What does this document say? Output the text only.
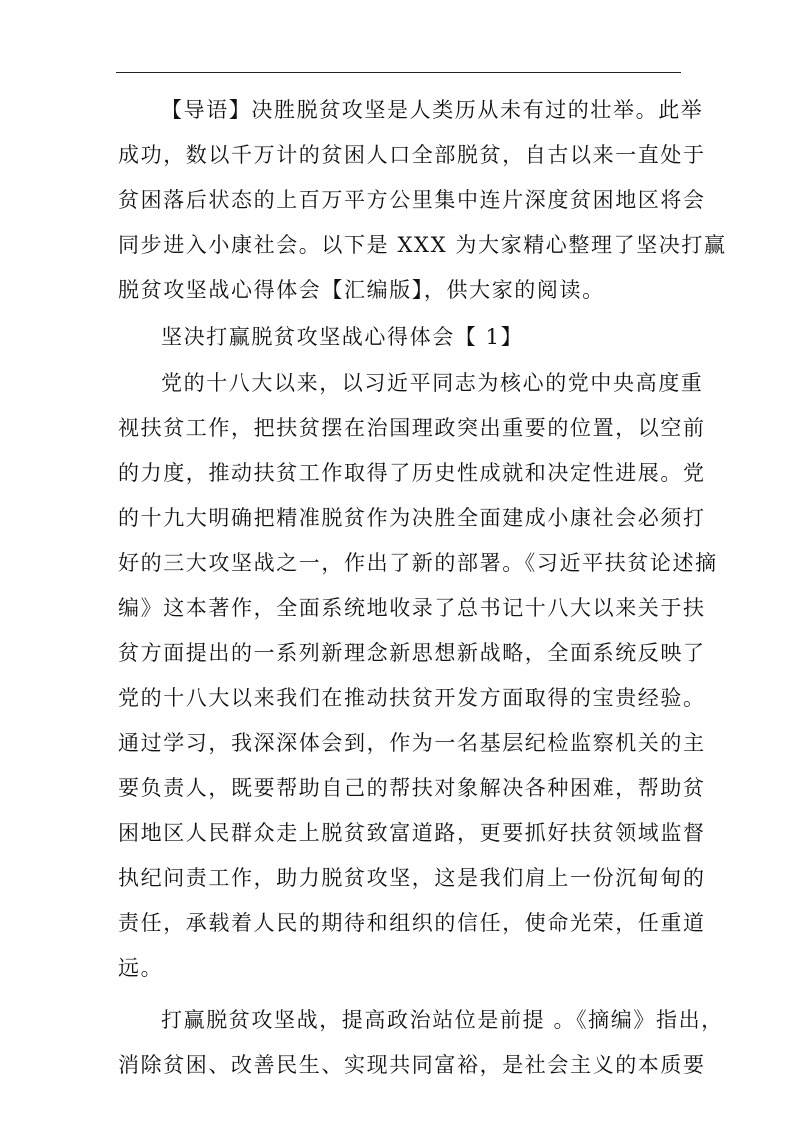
【导语】决胜脱贫攻坚是人类历从未有过的壮举。此举
成功，数以千万计的贫困人口全部脱贫，自古以来一直处于
贫困落后状态的上百万平方公里集中连片深度贫困地区将会
同步进入小康社会。以下是 XXX 为大家精心整理了坚决打赢
脱贫攻坚战心得体会【汇编版】，供大家的阅读。
坚决打赢脱贫攻坚战心得体会【 1】
党的十八大以来，以习近平同志为核心的党中央高度重
视扶贫工作，把扶贫摆在治国理政突出重要的位置，以空前
的力度，推动扶贫工作取得了历史性成就和决定性进展。党
的十九大明确把精准脱贫作为决胜全面建成小康社会必须打
好的三大攻坚战之一，作出了新的部署。《习近平扶贫论述摘
编》这本著作，全面系统地收录了总书记十八大以来关于扶
贫方面提出的一系列新理念新思想新战略，全面系统反映了
党的十八大以来我们在推动扶贫开发方面取得的宝贵经验。
通过学习，我深深体会到，作为一名基层纪检监察机关的主
要负责人，既要帮助自己的帮扶对象解决各种困难，帮助贫
困地区人民群众走上脱贫致富道路，更要抓好扶贫领域监督
执纪问责工作，助力脱贫攻坚，这是我们肩上一份沉甸甸的
责任，承载着人民的期待和组织的信任，使命光荣，任重道
远。
打赢脱贫攻坚战，提高政治站位是前提 。《摘编》指出，
消除贫困、改善民生、实现共同富裕，是社会主义的本质要
